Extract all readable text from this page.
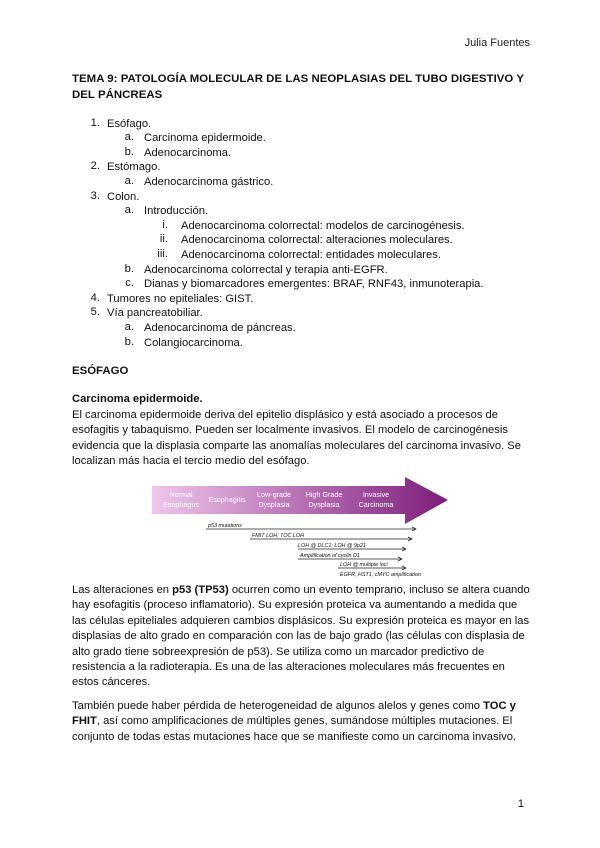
Julia Fuentes
TEMA 9: PATOLOGÍA MOLECULAR DE LAS NEOPLASIAS DEL TUBO DIGESTIVO Y DEL PÁNCREAS
1. Esófago.
a. Carcinoma epidermoide.
b. Adenocarcinoma.
2. Estómago.
a. Adenocarcinoma gástrico.
3. Colon.
a. Introducción.
i. Adenocarcinoma colorrectal: modelos de carcinogénesis.
ii. Adenocarcinoma colorrectal: alteraciones moleculares.
iii. Adenocarcinoma colorrectal: entidades moleculares.
b. Adenocarcinoma colorrectal y terapia anti-EGFR.
c. Dianas y biomarcadores emergentes: BRAF, RNF43, inmunoterapia.
4. Tumores no epiteliales: GIST.
5. Vía pancreatobiliar.
a. Adenocarcinoma de páncreas.
b. Colangiocarcinoma.
ESÓFAGO
Carcinoma epidermoide.
El carcinoma epidermoide deriva del epitelio displásico y está asociado a procesos de esofagitis y tabaquismo. Pueden ser localmente invasivos. El modelo de carcinogénesis evidencia que la displasia comparte las anomalías moleculares del carcinoma invasivo. Se localizan más hacia el tercio medio del esófago.
Normal
Esophagus
Esophagitis
Low-grade
Dysplasia
High Grade
Dysplasia
Invasive
Carcinoma
p53 mutations
FMIT LOH; TOC LOH
LOH @ DLC1; LOH @ 9p21
Amplification of cyclin D1
LOH @ multiple loci
EGFR, HST1, cMYC amplification
Las alteraciones en p53 (TP53) ocurren como un evento temprano, incluso se altera cuando hay esofagitis (proceso inflamatorio). Su expresión proteica va aumentando a medida que las células epiteliales adquieren cambios displásicos. Su expresión proteica es mayor en las displasias de alto grado en comparación con las de bajo grado (las células con displasia de alto grado tiene sobreexpresión de p53). Se utiliza como un marcador predictivo de resistencia a la radioterapia. Es una de las alteraciones moleculares más frecuentes en estos cánceres.
También puede haber pérdida de heterogeneidad de algunos alelos y genes como TOC y FHIT, así como amplificaciones de múltiples genes, sumándose múltiples mutaciones. El conjunto de todas estas mutaciones hace que se manifieste como un carcinoma invasivo.
1
